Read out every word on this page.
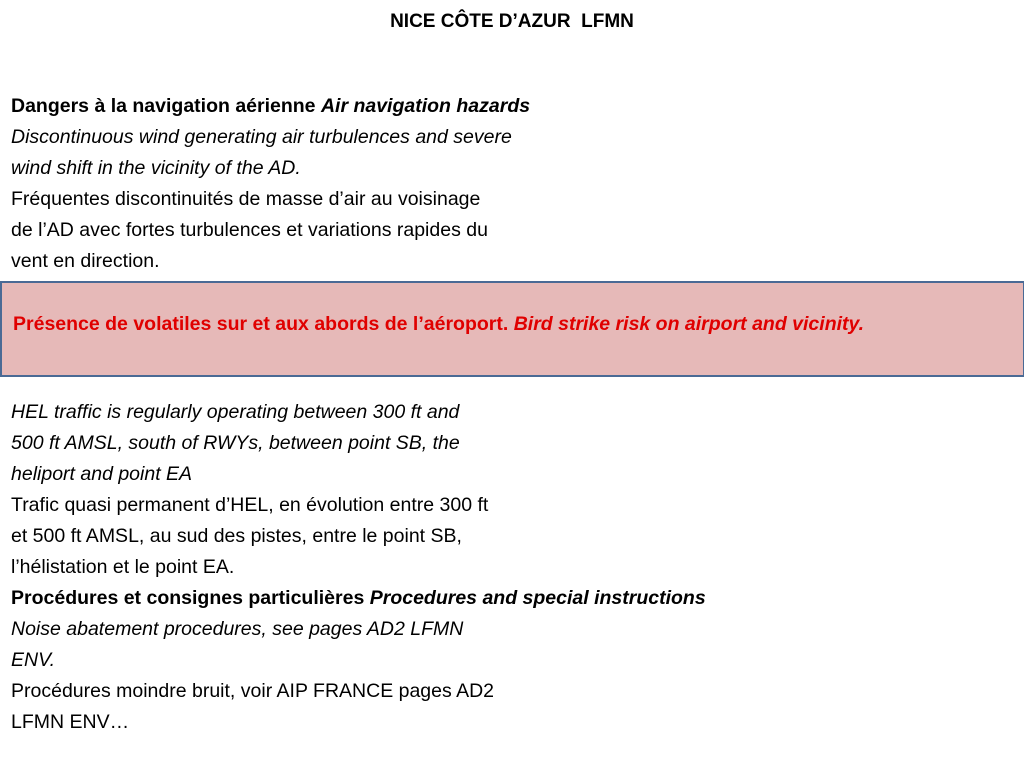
NICE CÔTE D’AZUR  LFMN
Dangers à la navigation aérienne Air navigation hazards
Discontinuous wind generating air turbulences and severe
wind shift in the vicinity of the AD.
Fréquentes discontinuités de masse d’air au voisinage
de l’AD avec fortes turbulences et variations rapides du
vent en direction.
Présence de volatiles sur et aux abords de l’aéroport. Bird strike risk on airport and vicinity.
HEL traffic is regularly operating between 300 ft and
500 ft AMSL, south of RWYs, between point SB, the
heliport and point EA
Trafic quasi permanent d’HEL, en évolution entre 300 ft
et 500 ft AMSL, au sud des pistes, entre le point SB,
l’hélistation et le point EA.
Procédures et consignes particulières Procedures and special instructions
Noise abatement procedures, see pages AD2 LFMN
ENV.
Procédures moindre bruit, voir AIP FRANCE pages AD2
LFMN ENV…
